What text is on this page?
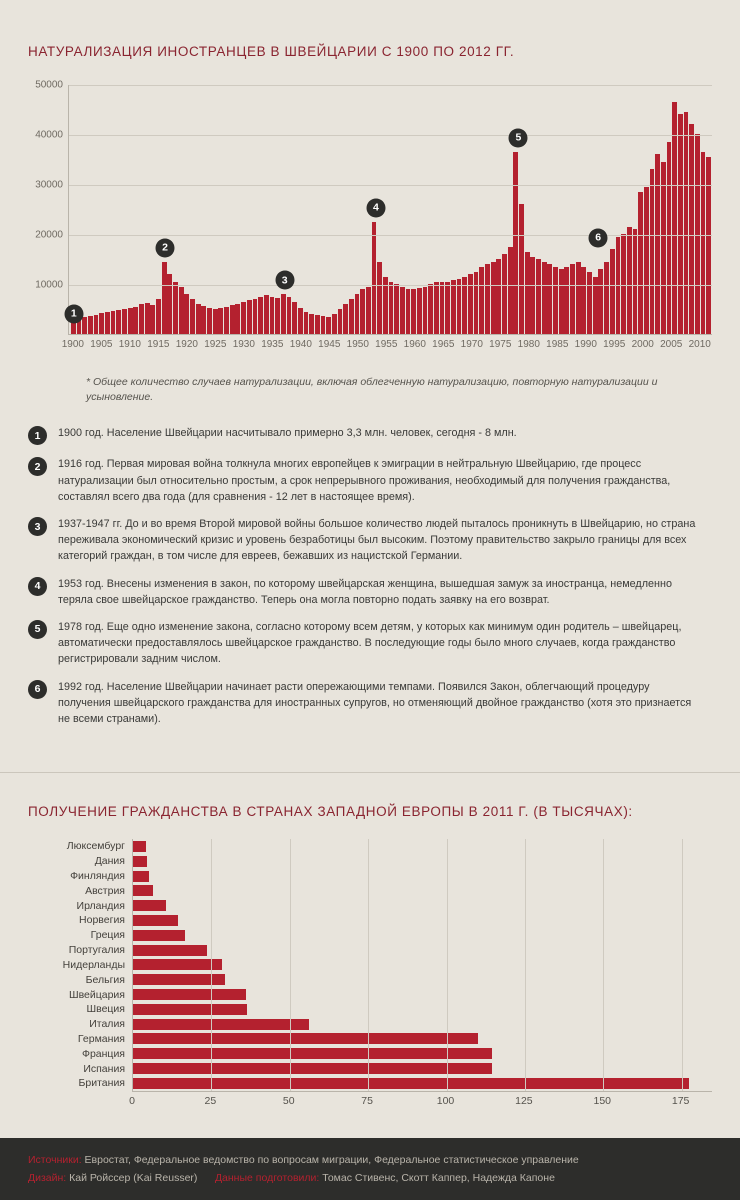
НАТУРАЛИЗАЦИЯ ИНОСТРАНЦЕВ В ШВЕЙЦАРИИ С 1900 ПО 2012 ГГ.
10000
20000
30000
40000
50000
1
2
3
4
5
6
1900 1905 1910 1915 1920 1925 1930 1935 1940 1945 1950 1955 1960 1965 1970 1975 1980 1985 1990 1995 2000 2005 2010
* Общее количество случаев натурализации, включая облегченную натурализацию, повторную натурализации и усыновление.
1	1900 год. Население Швейцарии насчитывало примерно 3,3 млн. человек, сегодня - 8 млн.
2	1916 год. Первая мировая война толкнула многих европейцев к эмиграции в нейтральную Швейцарию, где процесс натурализации был относительно простым, а срок непрерывного проживания, необходимый для получения гражданства, составлял всего два года (для сравнения - 12 лет в настоящее время).
3	1937-1947 гг. До и во время Второй мировой войны большое количество людей пыталось проникнуть в Швейцарию, но страна переживала экономический кризис и уровень безработицы был высоким. Поэтому правительство закрыло границы для всех категорий граждан, в том числе для евреев, бежавших из нацистской Германии.
4	1953 год. Внесены изменения в закон, по которому швейцарская женщина, вышедшая замуж за иностранца, немедленно теряла свое швейцарское гражданство. Теперь она могла повторно подать заявку на его возврат.
5	1978 год. Еще одно изменение закона, согласно которому всем детям, у которых как минимум один родитель – швейцарец, автоматически предоставлялось швейцарское гражданство. В последующие годы было много случаев, когда гражданство регистрировали задним числом.
6	1992 год. Население Швейцарии начинает расти опережающими темпами. Появился Закон, облегчающий процедуру получения швейцарского гражданства для иностранных супругов, но отменяющий двойное гражданство (хотя это признается не всеми странами).
ПОЛУЧЕНИЕ ГРАЖДАНСТВА В СТРАНАХ ЗАПАДНОЙ ЕВРОПЫ В 2011 Г. (В ТЫСЯЧАХ):
Люксембург
Дания
Финляндия
Австрия
Ирландия
Норвегия
Греция
Португалия
Нидерланды
Бельгия
Швейцария
Швеция
Италия
Германия
Франция
Испания
Британия
0	25	50	75	100	125	150	175
Источники: Евростат, Федеральное ведомство по вопросам миграции, Федеральное статистическое управление
Дизайн: Кай Ройссер (Kai Reusser) Данные подготовили: Томас Стивенс, Скотт Каппер, Надежда Капоне
